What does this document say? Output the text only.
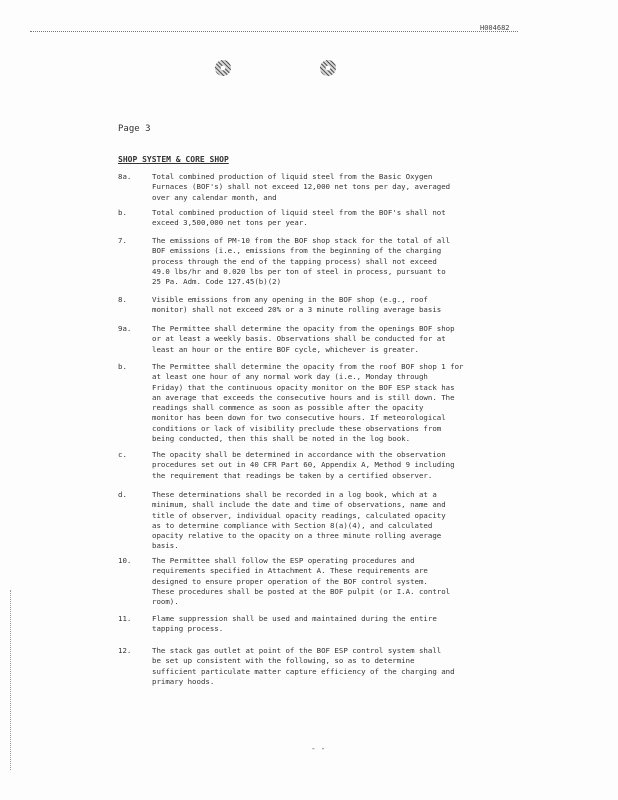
H004682
Page 3
SHOP SYSTEM & CORE SHOP
8a.	Total combined production of liquid steel from the Basic Oxygen
Furnaces (BOF's) shall not exceed 12,000 net tons per day, averaged
over any calendar month, and
b.	Total combined production of liquid steel from the BOF's shall not
exceed 3,500,000 net tons per year.
7.	The emissions of PM-10 from the BOF shop stack for the total of all
BOF emissions (i.e., emissions from the beginning of the charging
process through the end of the tapping process) shall not exceed
49.0 lbs/hr and 0.020 lbs per ton of steel in process, pursuant to
25 Pa. Adm. Code 127.45(b)(2)
8.	Visible emissions from any opening in the BOF shop (e.g., roof
monitor) shall not exceed 20% or a 3 minute rolling average basis
9a.	The Permittee shall determine the opacity from the openings BOF shop
or at least a weekly basis. Observations shall be conducted for at
least an hour or the entire BOF cycle, whichever is greater.
b.	The Permittee shall determine the opacity from the roof BOF shop 1 for
at least one hour of any normal work day (i.e., Monday through
Friday) that the continuous opacity monitor on the BOF ESP stack has
an average that exceeds the consecutive hours and is still down. The
readings shall commence as soon as possible after the opacity
monitor has been down for two consecutive hours. If meteorological
conditions or lack of visibility preclude these observations from
being conducted, then this shall be noted in the log book.
c.	The opacity shall be determined in accordance with the observation
procedures set out in 40 CFR Part 60, Appendix A, Method 9 including
the requirement that readings be taken by a certified observer.
d.	These determinations shall be recorded in a log book, which at a
minimum, shall include the date and time of observations, name and
title of observer, individual opacity readings, calculated opacity
as to determine compliance with Section 8(a)(4), and calculated
opacity relative to the opacity on a three minute rolling average
basis.
10.	The Permittee shall follow the ESP operating procedures and
requirements specified in Attachment A. These requirements are
designed to ensure proper operation of the BOF control system.
These procedures shall be posted at the BOF pulpit (or I.A. control
room).
11.	Flame suppression shall be used and maintained during the entire
tapping process.
12.	The stack gas outlet at point of the BOF ESP control system shall
be set up consistent with the following, so as to determine
sufficient particulate matter capture efficiency of the charging and
primary hoods.
- -
